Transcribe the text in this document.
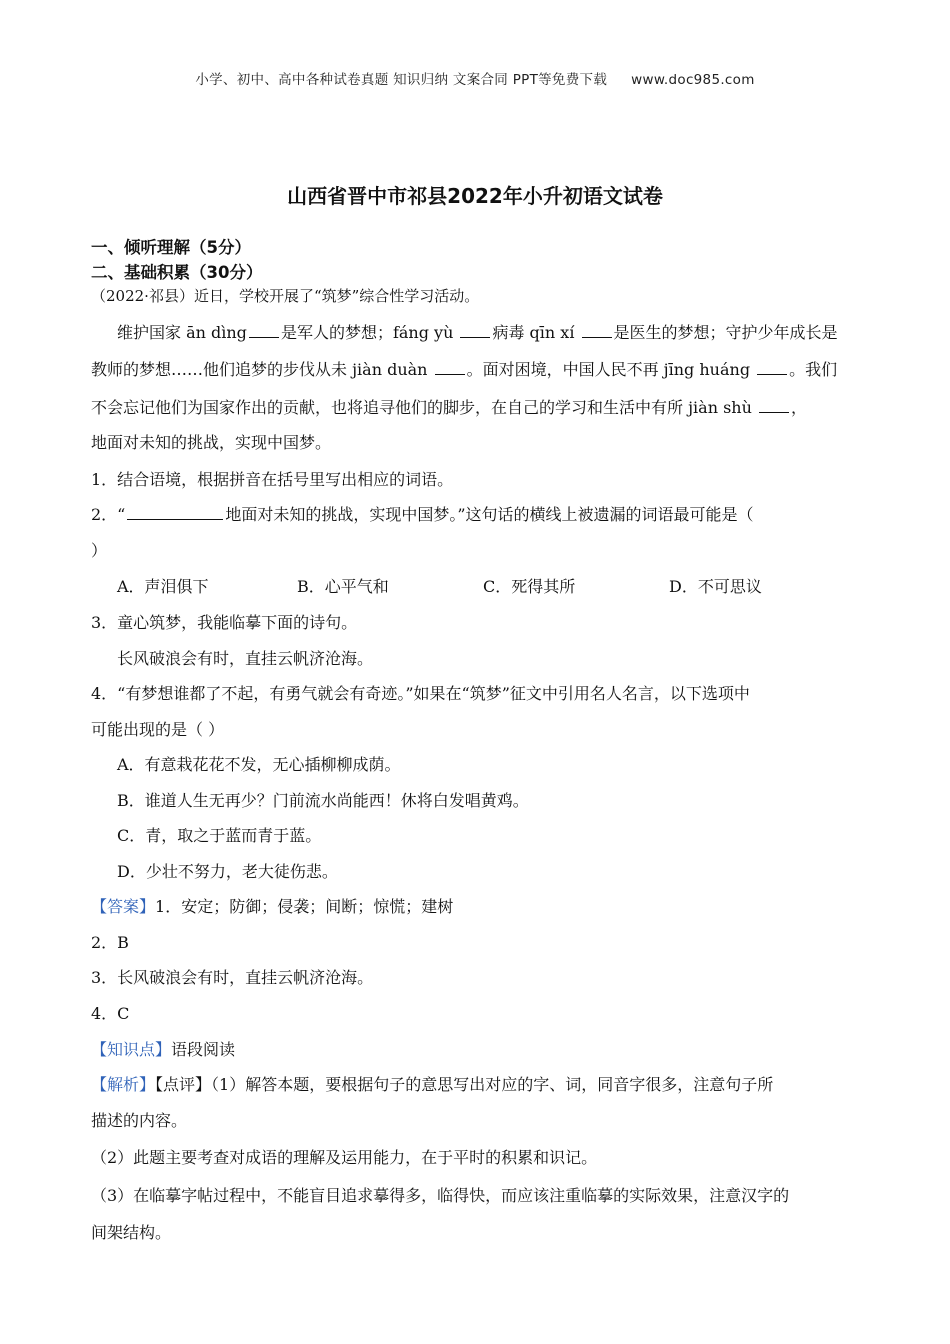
小学、初中、高中各种试卷真题 知识归纳 文案合同 PPT等免费下载 www.doc985.com
山西省晋中市祁县2022年小升初语文试卷
一、倾听理解（5分）
二、基础积累（30分）
（2022·祁县）近日，学校开展了“筑梦”综合性学习活动。
维护国家 ān dìng 是军人的梦想；fáng yù 病毒 qīn xí 是医生的梦想；守护少年成长是
教师的梦想……他们追梦的步伐从未 jiàn duàn 。面对困境，中国人民不再 jīng huáng 。我们
不会忘记他们为国家作出的贡献，也将追寻他们的脚步，在自己的学习和生活中有所 jiàn shù ，
地面对未知的挑战，实现中国梦。
1．结合语境，根据拼音在括号里写出相应的词语。
2．“	地面对未知的挑战，实现中国梦。”这句话的横线上被遗漏的词语最可能是（
）
A．声泪俱下	B．心平气和	C．死得其所	D．不可思议
3．童心筑梦，我能临摹下面的诗句。
长风破浪会有时，直挂云帆济沧海。
4．“有梦想谁都了不起，有勇气就会有奇迹。”如果在“筑梦”征文中引用名人名言，以下选项中
可能出现的是（ ）
A．有意栽花花不发，无心插柳柳成荫。
B．谁道人生无再少？门前流水尚能西！休将白发唱黄鸡。
C．青，取之于蓝而青于蓝。
D．少壮不努力，老大徒伤悲。
【答案】1．安定；防御；侵袭；间断；惊慌；建树
2．B
3．长风破浪会有时，直挂云帆济沧海。
4．C
【知识点】语段阅读
【解析】【点评】（1）解答本题，要根据句子的意思写出对应的字、词，同音字很多，注意句子所
描述的内容。
（2）此题主要考查对成语的理解及运用能力，在于平时的积累和识记。
（3）在临摹字帖过程中，不能盲目追求摹得多，临得快，而应该注重临摹的实际效果，注意汉字的
间架结构。
